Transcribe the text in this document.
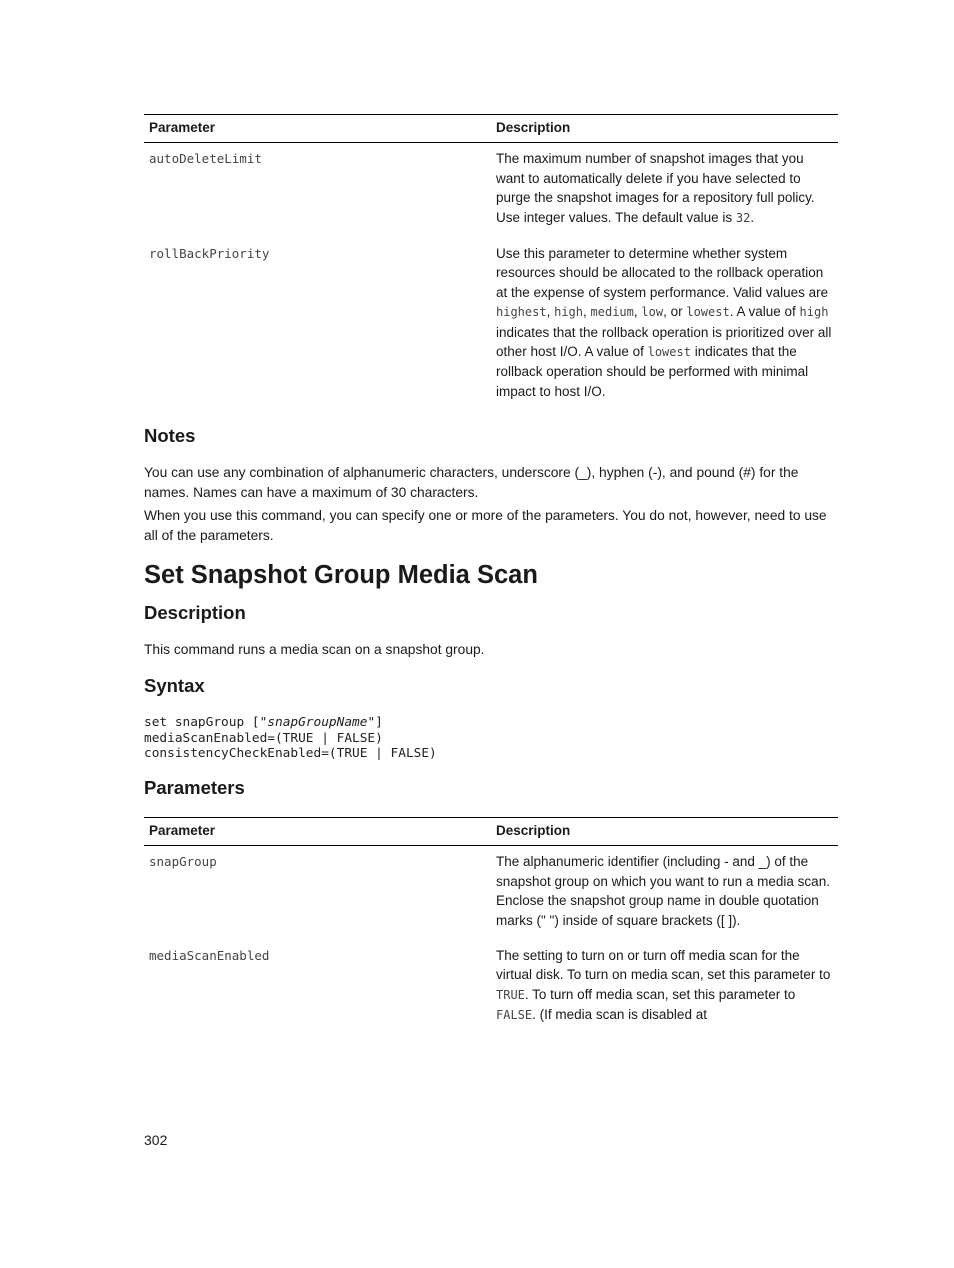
Parameter	Description
autoDeleteLimit	The maximum number of snapshot images that you want to automatically delete if you have selected to purge the snapshot images for a repository full policy. Use integer values. The default value is 32.
rollBackPriority	Use this parameter to determine whether system resources should be allocated to the rollback operation at the expense of system performance. Valid values are highest, high, medium, low, or lowest. A value of high indicates that the rollback operation is prioritized over all other host I/O. A value of lowest indicates that the rollback operation should be performed with minimal impact to host I/O.
Notes

You can use any combination of alphanumeric characters, underscore (_), hyphen (-), and pound (#) for the names. Names can have a maximum of 30 characters.

When you use this command, you can specify one or more of the parameters. You do not, however, need to use all of the parameters.

Set Snapshot Group Media Scan
Description

This command runs a media scan on a snapshot group.

Syntax
set snapGroup ["snapGroupName"]
mediaScanEnabled=(TRUE | FALSE)
consistencyCheckEnabled=(TRUE | FALSE)
Parameters
Parameter	Description
snapGroup	The alphanumeric identifier (including - and _) of the snapshot group on which you want to run a media scan. Enclose the snapshot group name in double quotation marks (" ") inside of square brackets ([ ]).
mediaScanEnabled	The setting to turn on or turn off media scan for the virtual disk. To turn on media scan, set this parameter to TRUE. To turn off media scan, set this parameter to FALSE. (If media scan is disabled at
302
